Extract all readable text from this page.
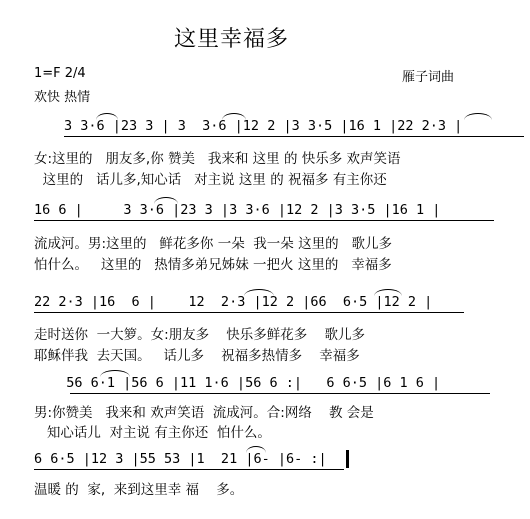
这里幸福多
1=F 2/4
欢快 热情
雁子词曲
3 3·6 |23 3 | 3  3·6 |12 2 |3 3·5 |16 1 |22 2·3 |
女:这里的   朋友多,你 赞美   我来和 这里 的 快乐多 欢声笑语
这里的   话儿多,知心话   对主说 这里 的 祝福多 有主你还
16 6 |     3 3·6 |23 3 |3 3·6 |12 2 |3 3·5 |16 1 |
流成河。男:这里的   鲜花多你 一朵  我一朵 这里的   歌儿多
怕什么。   这里的   热情多弟兄姊妹 一把火 这里的   幸福多
22 2·3 |16  6 |    12  2·3 |12 2 |66  6·5 |12 2 |
走时送你  一大箩。女:朋友多    快乐多鲜花多    歌儿多
耶稣伴我  去天国。   话儿多    祝福多热情多    幸福多
56 6·1 |56 6 |11 1·6 |56 6 :|   6 6·5 |6 1 6 |
男:你赞美   我来和 欢声笑语  流成河。合:网络    教 会是
知心话儿  对主说 有主你还  怕什么。
6 6·5 |12 3 |55 53 |1  21 |6- |6- :|
温暖 的  家,  来到这里幸 福    多。
